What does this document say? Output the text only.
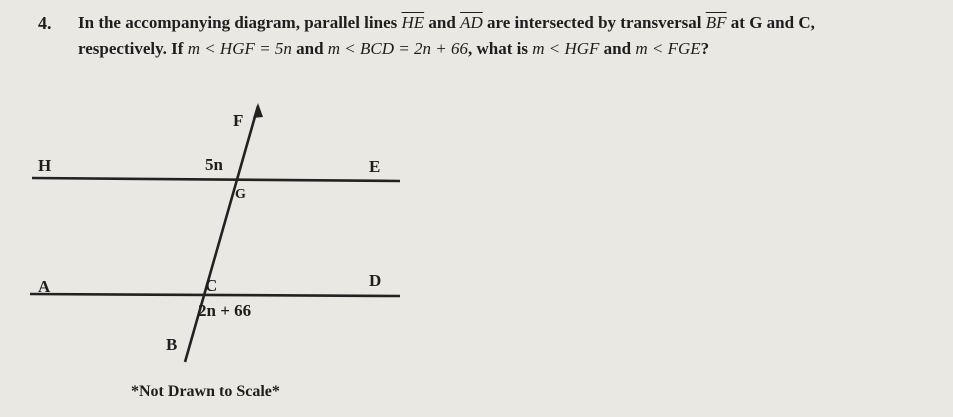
4. In the accompanying diagram, parallel lines $\overline{HE}$ and $\overline{AD}$ are intersected by transversal $\overline{BF}$ at G and C,
respectively. If m < HGF = 5n and m < BCD = 2n + 66, what is m < HGF and m < FGE?
F
H	5n	E
G
A	C	D
2n + 66
B
*Not Drawn to Scale*
